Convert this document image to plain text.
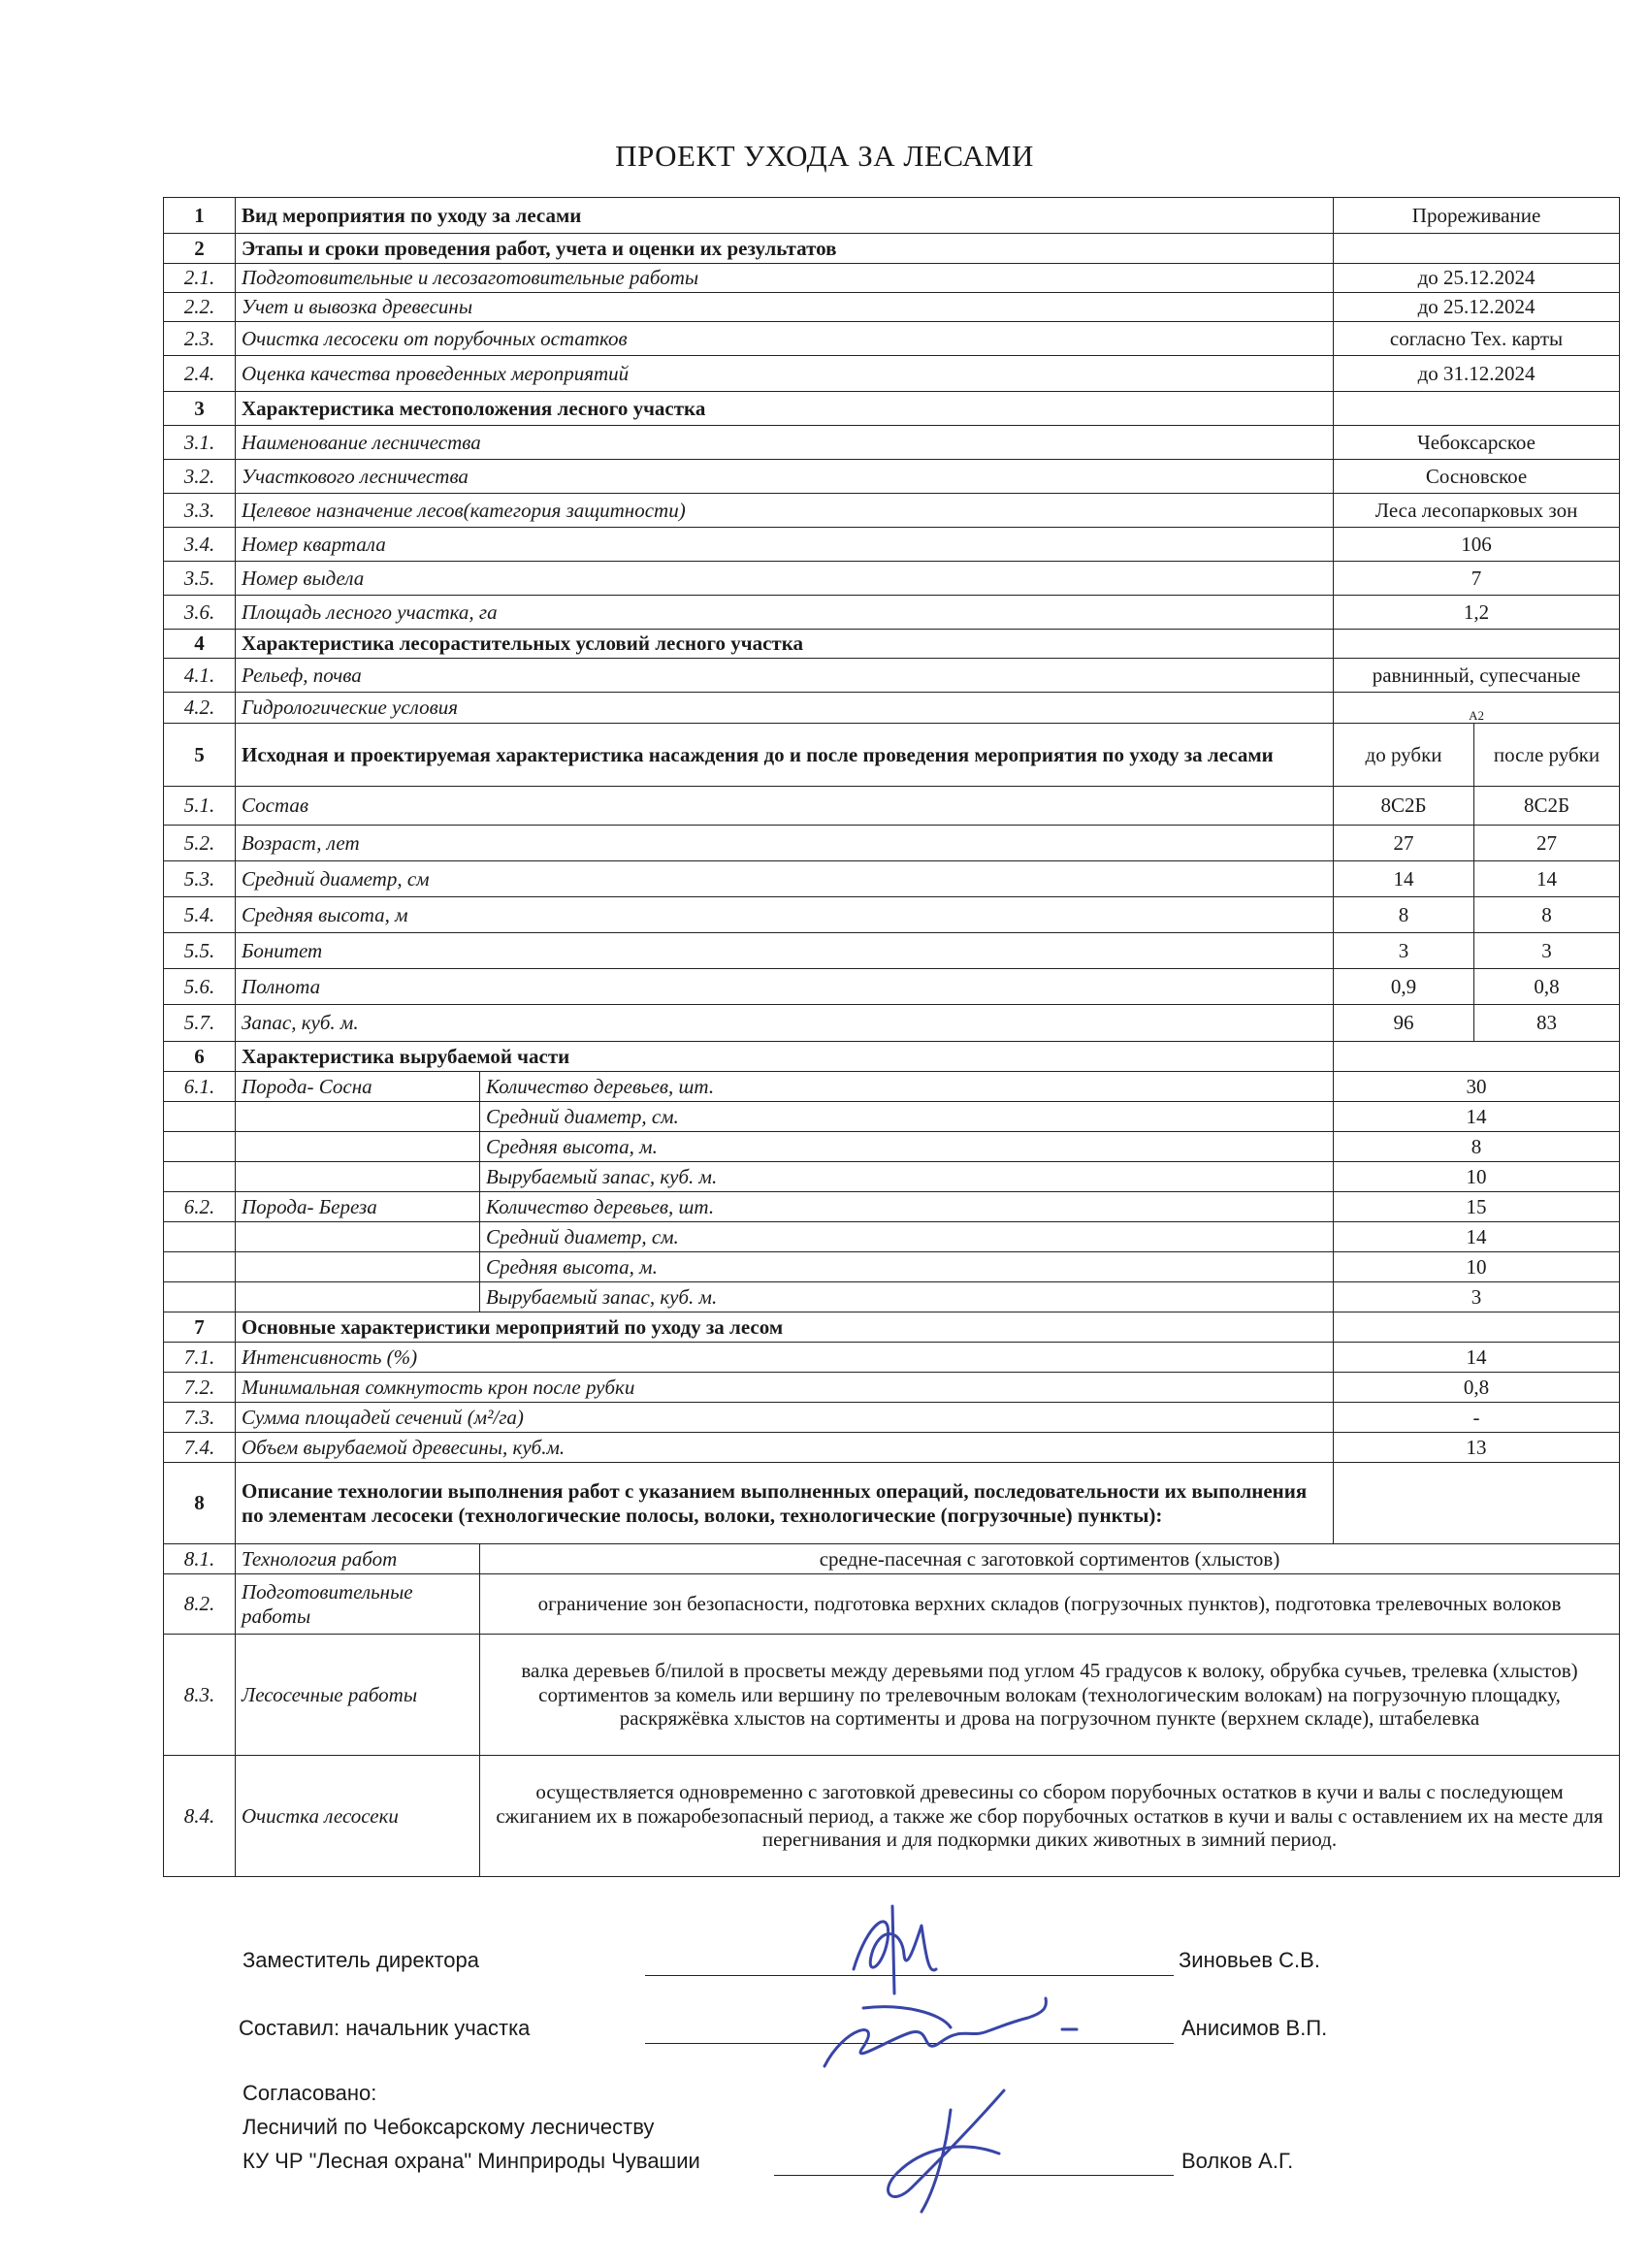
ПРОЕКТ УХОДА ЗА ЛЕСАМИ
1	Вид мероприятия по уходу за лесами		Прореживание	
2	Этапы и сроки проведения работ, учета и оценки их результатов			
2.1.	Подготовительные и лесозаготовительные работы		до 25.12.2024	
2.2.	Учет и вывозка древесины		до 25.12.2024	
2.3.	Очистка лесосеки от порубочных остатков		согласно Тех. карты	
2.4.	Оценка качества проведенных мероприятий		до 31.12.2024	
3	Характеристика местоположения лесного участка			
3.1.	Наименование лесничества		Чебоксарское	
3.2.	Участкового лесничества		Сосновское	
3.3.	Целевое назначение лесов(категория защитности)		Леса лесопарковых зон	
3.4.	Номер квартала		106	
3.5.	Номер выдела		7	
3.6.	Площадь лесного участка, га		1,2	
4	Характеристика лесорастительных условий лесного участка			
4.1.	Рельеф, почва		равнинный, супесчаные	
4.2.	Гидрологические условия		А2	
5	Исходная и проектируемая характеристика насаждения до и после проведения мероприятия по уходу за лесами		до рубки	после рубки
5.1.	Состав		8С2Б	8С2Б
5.2.	Возраст, лет		27	27
5.3.	Средний диаметр, см		14	14
5.4.	Средняя высота, м		8	8
5.5.	Бонитет		3	3
5.6.	Полнота		0,9	0,8
5.7.	Запас, куб. м.		96	83
6	Характеристика вырубаемой части			
6.1.	Порода- Сосна	Количество деревьев, шт.	30	
		Средний диаметр, см.	14	
		Средняя высота, м.	8	
		Вырубаемый запас, куб. м.	10	
6.2.	Порода- Береза	Количество деревьев, шт.	15	
		Средний диаметр, см.	14	
		Средняя высота, м.	10	
		Вырубаемый запас, куб. м.	3	
7	Основные характеристики мероприятий по уходу за лесом			
7.1.	Интенсивность (%)		14	
7.2.	Минимальная сомкнутость крон после рубки		0,8	
7.3.	Сумма площадей сечений (м²/га)		-	
7.4.	Объем вырубаемой древесины, куб.м.		13	
8	Описание технологии выполнения работ с указанием выполненных операций, последовательности их выполнения по элементам лесосеки (технологические полосы, волоки, технологические (погрузочные) пункты):			
8.1.	Технология работ	средне-пасечная с заготовкой сортиментов (хлыстов)		
8.2.	Подготовительные работы	ограничение зон безопасности, подготовка верхних складов (погрузочных пунктов), подготовка трелевочных волоков		
8.3.	Лесосечные работы	валка деревьев б/пилой в просветы между деревьями под углом 45 градусов к волоку, обрубка сучьев, трелевка (хлыстов) сортиментов за комель или вершину по трелевочным волокам (технологическим волокам) на погрузочную площадку, раскряжёвка хлыстов на сортименты и дрова на погрузочном пункте (верхнем складе), штабелевка		
8.4.	Очистка лесосеки	осуществляется одновременно с заготовкой древесины со сбором порубочных остатков в кучи и валы с последующем сжиганием их в пожаробезопасный период, а также же сбор порубочных остатков в кучи и валы с оставлением их на месте для перегнивания и для подкормки диких животных в зимний период.		
Заместитель директора	Зиновьев С.В.
Составил: начальник участка	Анисимов В.П.
Согласовано:
Лесничий по Чебоксарскому лесничеству
КУ ЧР "Лесная охрана" Минприроды Чувашии	Волков А.Г.
